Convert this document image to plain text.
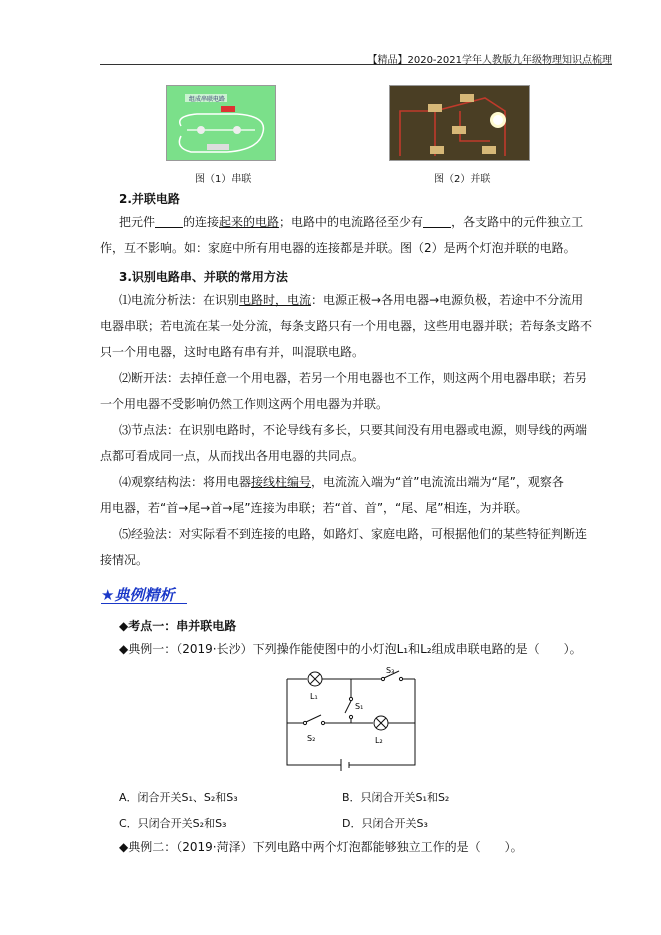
【精品】2020-2021学年人教版九年级物理知识点梳理
组成串联电路
图（1）串联	图（2）并联
2.并联电路
把元件 的连接起来的电路；电路中的电流路径至少有 ，各支路中的元件独立工
作，互不影响。如：家庭中所有用电器的连接都是并联。图（2）是两个灯泡并联的电路。
3.识别电路串、并联的常用方法
⑴电流分析法：在识别电路时，电流：电源正极→各用电器→电源负极，若途中不分流用
电器串联；若电流在某一处分流，每条支路只有一个用电器，这些用电器并联；若每条支路不
只一个用电器，这时电路有串有并，叫混联电路。
⑵断开法：去掉任意一个用电器，若另一个用电器也不工作，则这两个用电器串联；若另
一个用电器不受影响仍然工作则这两个用电器为并联。
⑶节点法：在识别电路时，不论导线有多长，只要其间没有用电器或电源，则导线的两端
点都可看成同一点，从而找出各用电器的共同点。
⑷观察结构法：将用电器接线柱编号，电流流入端为“首”电流流出端为“尾”，观察各
用电器，若“首→尾→首→尾”连接为串联；若“首、首”，“尾、尾”相连，为并联。
⑸经验法：对实际看不到连接的电路，如路灯、家庭电路，可根据他们的某些特征判断连
接情况。
★典例精析
◆考点一：串并联电路
◆典例一：（2019·长沙）下列操作能使图中的小灯泡L₁和L₂组成串联电路的是（　　）。
L₁
S₃
S₁
S₂	L₂
A．闭合开关S₁、S₂和S₃	B．只闭合开关S₁和S₂
C．只闭合开关S₂和S₃	D．只闭合开关S₃
◆典例二：（2019·菏泽）下列电路中两个灯泡都能够独立工作的是（　　）。
